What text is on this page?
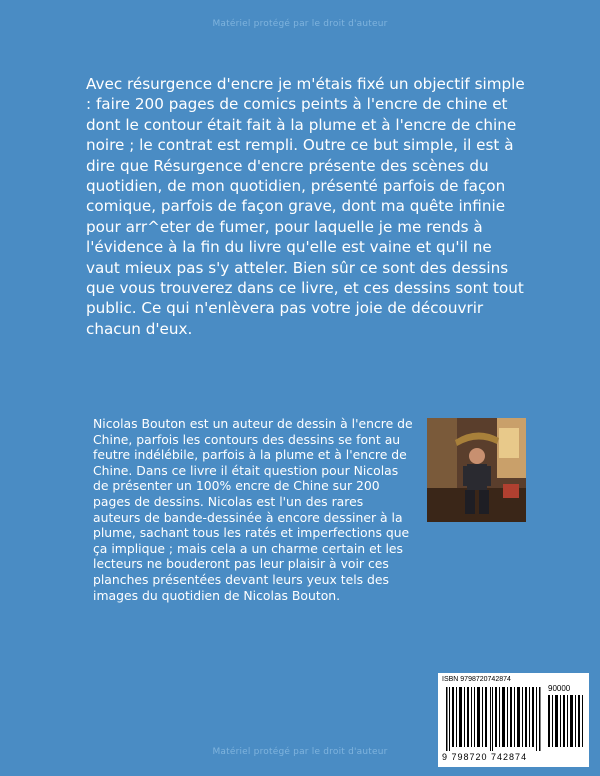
Matériel protégé par le droit d'auteur

Avec résurgence d'encre je m'étais fixé un objectif simple : faire 200 pages de comics peints à l'encre de chine et dont le contour était fait à la plume et à l'encre de chine noire ; le contrat est rempli. Outre ce but simple, il est à dire que Résurgence d'encre présente des scènes du quotidien, de mon quotidien, présenté parfois de façon comique, parfois de façon grave, dont ma quête infinie pour arr^eter de fumer, pour laquelle je me rends à l'évidence à la fin du livre qu'elle est vaine et qu'il ne vaut mieux pas s'y atteler. Bien sûr ce sont des dessins que vous trouverez dans ce livre, et ces dessins sont tout public. Ce qui n'enlèvera pas votre joie de découvrir chacun d'eux.

Nicolas Bouton est un auteur de dessin à l'encre de Chine, parfois les contours des dessins se font au feutre indélébile, parfois à la plume et à l'encre de Chine. Dans ce livre il était question pour Nicolas de présenter un 100% encre de Chine sur 200 pages de dessins. Nicolas est l'un des rares auteurs de bande-dessinée à encore dessiner à la plume, sachant tous les ratés et imperfections que ça implique ; mais cela a un charme certain et les lecteurs ne bouderont pas leur plaisir à voir ces planches présentées devant leurs yeux tels des images du quotidien de Nicolas Bouton.

ISBN 9798720742874
90000
9 798720 742874
Matériel protégé par le droit d'auteur
